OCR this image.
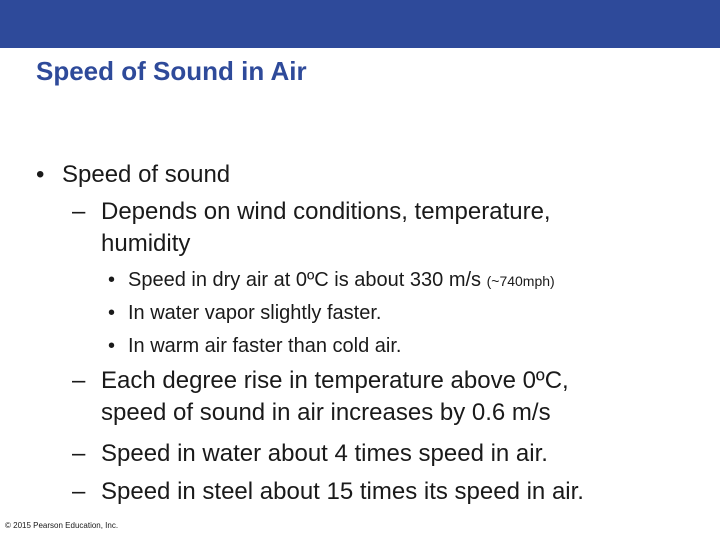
Speed of Sound in Air
• Speed of sound
– Depends on wind conditions, temperature,
humidity
• Speed in dry air at 0ºC is about 330 m/s (~740mph)
• In water vapor slightly faster.
• In warm air faster than cold air.
– Each degree rise in temperature above 0ºC,
speed of sound in air increases by 0.6 m/s
– Speed in water about 4 times speed in air.
– Speed in steel about 15 times its speed in air.
© 2015 Pearson Education, Inc.
